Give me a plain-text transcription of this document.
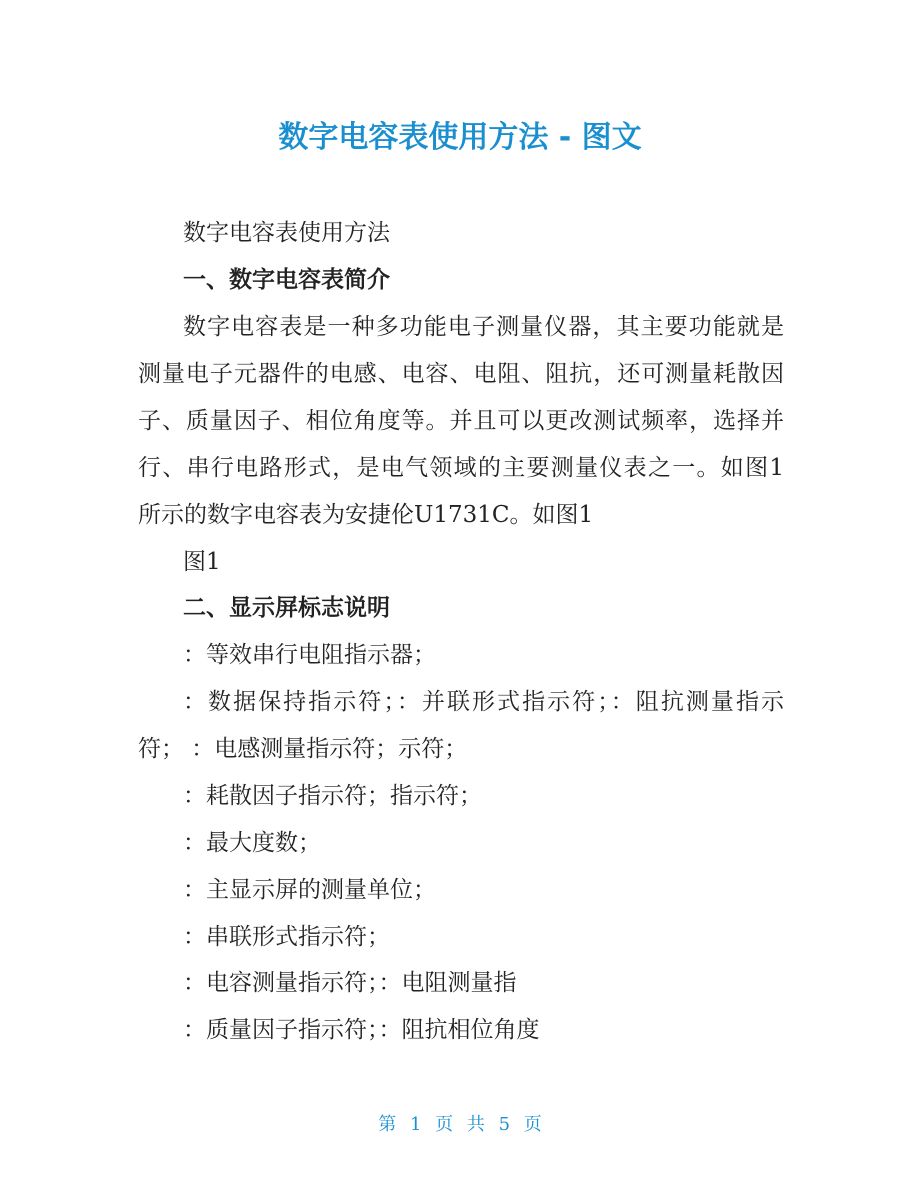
数字电容表使用方法 - 图文

数字电容表使用方法

一、数字电容表简介

数字电容表是一种多功能电子测量仪器，其主要功能就是

测量电子元器件的电感、电容、电阻、阻抗，还可测量耗散因

子、质量因子、相位角度等。并且可以更改测试频率，选择并

行、串行电路形式，是电气领域的主要测量仪表之一。如图1

所示的数字电容表为安捷伦U1731C。如图1

图1

二、显示屏标志说明

：等效串行电阻指示器；

：数据保持指示符；：并联形式指示符；：阻抗测量指示

符； ：电感测量指示符；示符；

：耗散因子指示符；指示符；

：最大度数；

：主显示屏的测量单位；

：串联形式指示符；

：电容测量指示符；：电阻测量指

：质量因子指示符；：阻抗相位角度

第 1 页 共 5 页
